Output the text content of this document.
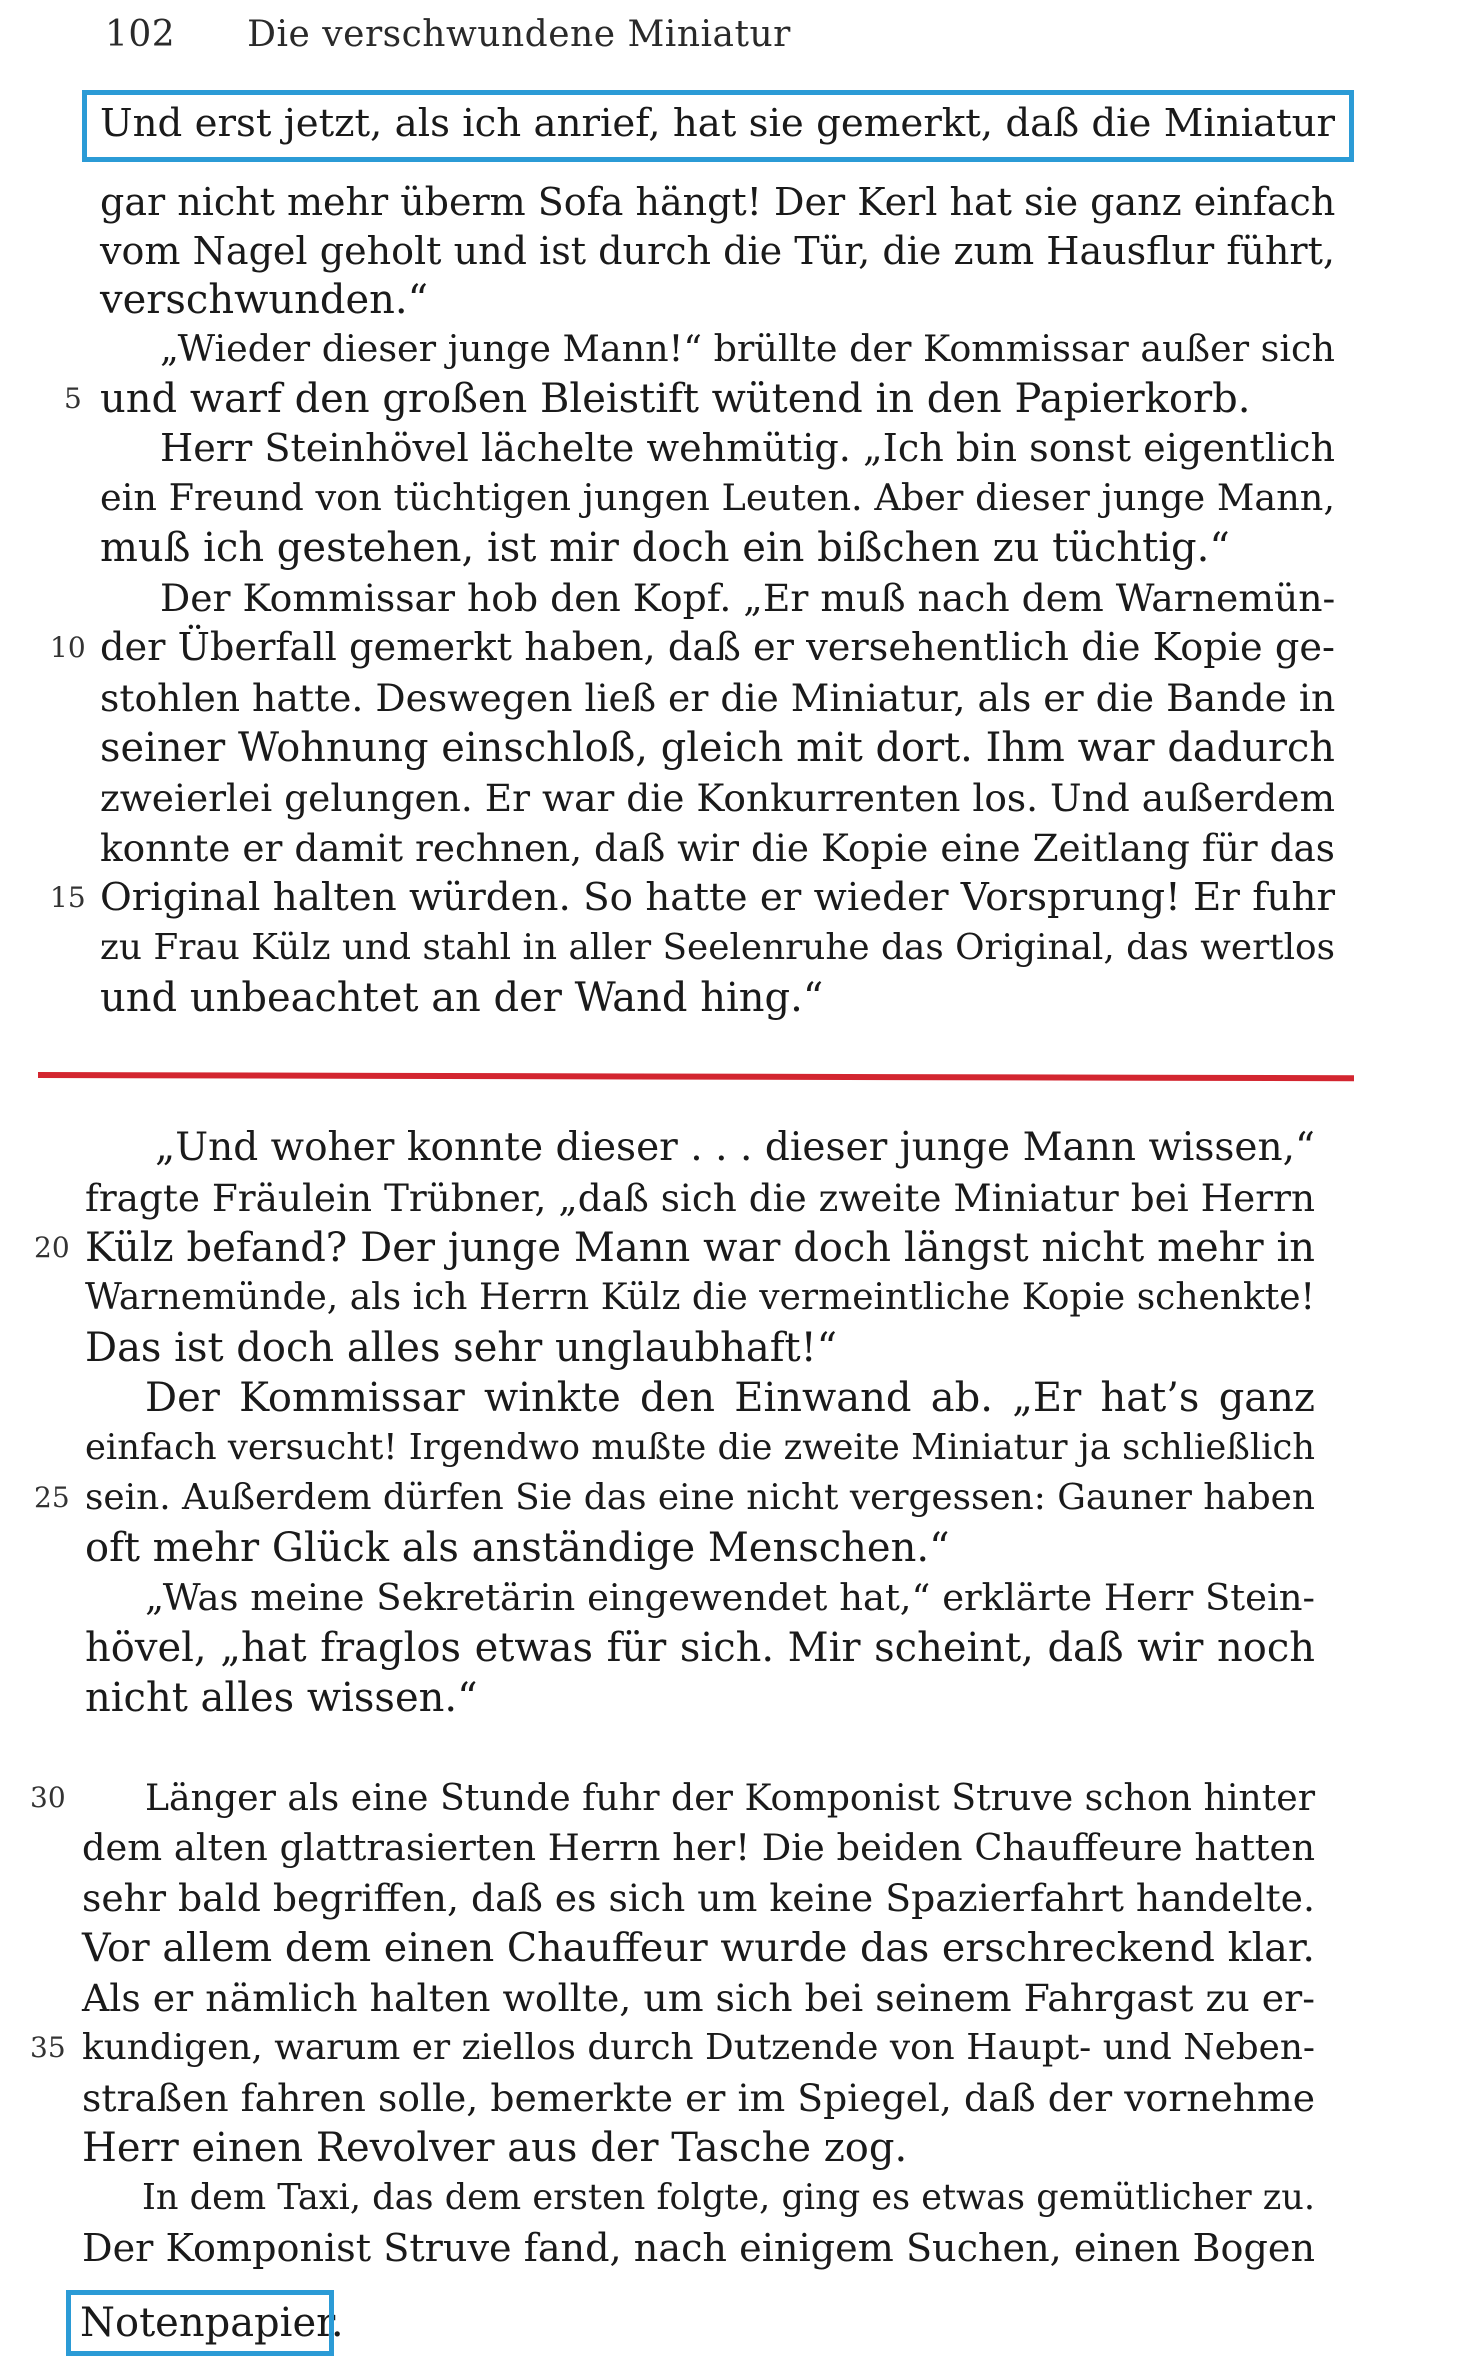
102 Die verschwundene Miniatur
Und erst jetzt, als ich anrief, hat sie gemerkt, daß die Miniatur
gar nicht mehr überm Sofa hängt! Der Kerl hat sie ganz einfach
vom Nagel geholt und ist durch die Tür, die zum Hausflur führt,
verschwunden.“
„Wieder dieser junge Mann!“ brüllte der Kommissar außer sich
und warf den großen Bleistift wütend in den Papierkorb.
Herr Steinhövel lächelte wehmütig. „Ich bin sonst eigentlich
ein Freund von tüchtigen jungen Leuten. Aber dieser junge Mann,
muß ich gestehen, ist mir doch ein bißchen zu tüchtig.“
Der Kommissar hob den Kopf. „Er muß nach dem Warnemün-
der Überfall gemerkt haben, daß er versehentlich die Kopie ge-
stohlen hatte. Deswegen ließ er die Miniatur, als er die Bande in
seiner Wohnung einschloß, gleich mit dort. Ihm war dadurch
zweierlei gelungen. Er war die Konkurrenten los. Und außerdem
konnte er damit rechnen, daß wir die Kopie eine Zeitlang für das
Original halten würden. So hatte er wieder Vorsprung! Er fuhr
zu Frau Külz und stahl in aller Seelenruhe das Original, das wertlos
und unbeachtet an der Wand hing.“
5
10
15
„Und woher konnte dieser . . . dieser junge Mann wissen,“
fragte Fräulein Trübner, „daß sich die zweite Miniatur bei Herrn
Külz befand? Der junge Mann war doch längst nicht mehr in
Warnemünde, als ich Herrn Külz die vermeintliche Kopie schenkte!
Das ist doch alles sehr unglaubhaft!“
Der Kommissar winkte den Einwand ab. „Er hat’s ganz
einfach versucht! Irgendwo mußte die zweite Miniatur ja schließlich
sein. Außerdem dürfen Sie das eine nicht vergessen: Gauner haben
oft mehr Glück als anständige Menschen.“
„Was meine Sekretärin eingewendet hat,“ erklärte Herr Stein-
hövel, „hat fraglos etwas für sich. Mir scheint, daß wir noch
nicht alles wissen.“
Länger als eine Stunde fuhr der Komponist Struve schon hinter
dem alten glattrasierten Herrn her! Die beiden Chauffeure hatten
sehr bald begriffen, daß es sich um keine Spazierfahrt handelte.
Vor allem dem einen Chauffeur wurde das erschreckend klar.
Als er nämlich halten wollte, um sich bei seinem Fahrgast zu er-
kundigen, warum er ziellos durch Dutzende von Haupt- und Neben-
straßen fahren solle, bemerkte er im Spiegel, daß der vornehme
Herr einen Revolver aus der Tasche zog.
In dem Taxi, das dem ersten folgte, ging es etwas gemütlicher zu.
Der Komponist Struve fand, nach einigem Suchen, einen Bogen
Notenpapier.
20
25
30
35
